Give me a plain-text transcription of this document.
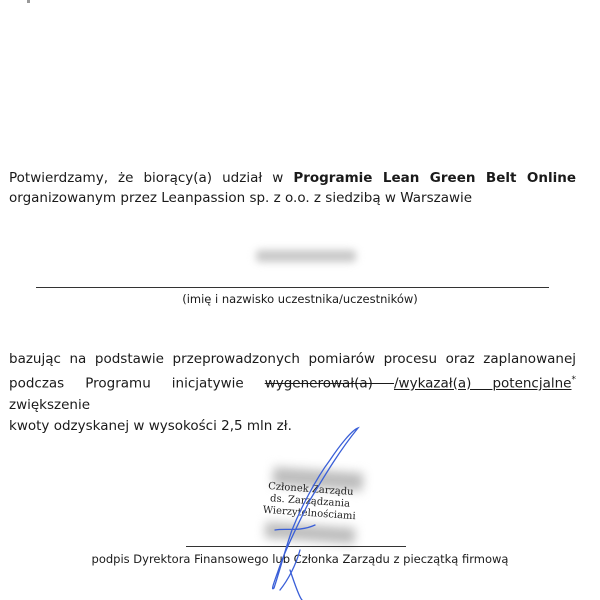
Potwierdzamy, że biorący(a) udział w Programie Lean Green Belt Online
organizowanym przez Leanpassion sp. z o.o. z siedzibą w Warszawie
(imię i nazwisko uczestnika/uczestników)
bazując na podstawie przeprowadzonych pomiarów procesu oraz zaplanowanej
podczas Programu inicjatywie wygenerował(a) /wykazał(a) potencjalne* zwiększenie
kwoty odzyskanej w wysokości 2,5 mln zł.
Członek Zarządu
ds. Zarządzania Wierzytelnościami
podpis Dyrektora Finansowego lub Członka Zarządu z pieczątką firmową
